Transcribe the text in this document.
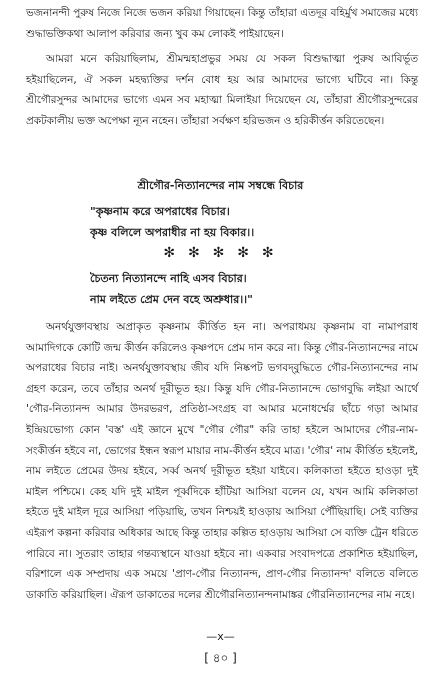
ভজনানন্দী পুরুষ নিজে নিজে ভজন করিয়া গিয়াছেন। কিন্তু তাঁহারা এতদূর বহির্মুখ সমাজের মধ্যে শুদ্ধাভক্তিকথা আলাপ করিবার জন্য খুব কম লোকই পাইয়াছেন।

আমরা মনে করিয়াছিলাম, শ্রীমন্মহাপ্রভুর সময় যে সকল বিশুদ্ধাত্মা পুরুষ আবির্ভূত হইয়াছিলেন, ঐ সকল মহদ্ব্যক্তির দর্শন বোধ হয় আর আমাদের ভাগ্যে ঘটিবে না। কিন্তু শ্রীগৌরসুন্দর আমাদের ভাগ্যে এমন সব মহাত্মা মিলাইয়া দিয়েছেন যে, তাঁহারা শ্রীগৌরসুন্দরের প্রকটকালীয় ভক্ত অপেক্ষা ন্যূন নহেন। তাঁহারা সর্বক্ষণ হরিভজন ও হরিকীর্ত্তন করিতেছেন।

শ্রীগৌর-নিত্যানন্দের নাম সম্বন্ধে বিচার

"কৃষ্ণনাম করে অপরাধের বিচার।

কৃষ্ণ বলিলে অপরাধীর না হয় বিকার।।

✻ ✻ ✻ ✻ ✻

চৈতন্য নিত্যানন্দে নাহি এসব বিচার।

নাম লইতে প্রেম দেন বহে অশ্রুধার।।"

অনর্থযুক্তাবস্থায় অপ্রাকৃত কৃষ্ণনাম কীর্ত্তিত হন না। অপরাধময় কৃষ্ণনাম বা নামাপরাধ আমাদিগকে কোটি জন্ম কীর্ত্তন করিলেও কৃষ্ণপদে প্রেম দান করে না। কিন্তু গৌর-নিত্যানন্দের নামে অপরাধের বিচার নাই। অনর্থযুক্তাবস্থায় জীব যদি নিষ্কপট ভগবদ্‌বুদ্ধিতে গৌর-নিত্যানন্দের নাম গ্রহণ করেন, তবে তাঁহার অনর্থ দূরীভূত হয়। কিন্তু যদি গৌর-নিত্যানন্দে ভোগবুদ্ধি লইয়া আর্থে 'গৌর-নিত্যানন্দ আমার উদরভরণ, প্রতিষ্ঠা-সংগ্রহ বা আমার মনোধর্ম্মের ছাঁচে গড়া আমার ইন্দ্রিয়ভোগ্য কোন 'বস্ত' এই জ্ঞানে মুখে "গৌর গৌর" করি তাহা হইলে আমাদের গৌর-নাম-সংকীর্ত্তন হইবে না, ভোগের ইন্ধন স্বরূপ মায়ার নাম-কীর্ত্তন হইবে মাত্র। 'গৌর' নাম কীর্ত্তিত হইলেই, নাম লইতে প্রেমের উদয় হইবে, সর্ব্ব অনর্থ দূরীভূত হইয়া যাইবে। কলিকাতা হইতে হাওড়া দুই মাইল পশ্চিমে। কেহ যদি দুই মাইল পূর্ব্বদিকে হাঁটিয়া আসিয়া বলেন যে, যখন আমি কলিকাতা হইতে দুই মাইল দূরে আসিয়া পড়িয়াছি, তখন নিশ্চয়ই হাওড়ায় আসিয়া পৌঁছিয়াছি। সেই ব্যক্তির এইরূপ কল্পনা করিবার অধিকার আছে কিন্তু তাহার কল্পিত হাওড়ায় আসিয়া সে ব্যক্তি ট্রেন ধরিতে পারিবে না। সুতরাং তাহার গন্তব্যস্থানে যাওয়া হইবে না। একবার সংবাদপত্রে প্রকাশিত হইয়াছিল, বরিশালে এক সম্প্রদায় এক সময়ে 'প্রাণ-গৌর নিত্যানন্দ, প্রাণ-গৌর নিত্যানন্দ' বলিতে বলিতে ডাকাতি করিয়াছিল। ঐরূপ ডাকাতের দলের শ্রীগৌরনিত্যানন্দনামাঙ্কর গৌরনিত্যানন্দের নাম নহে।

—x—

[ ৪০ ]
